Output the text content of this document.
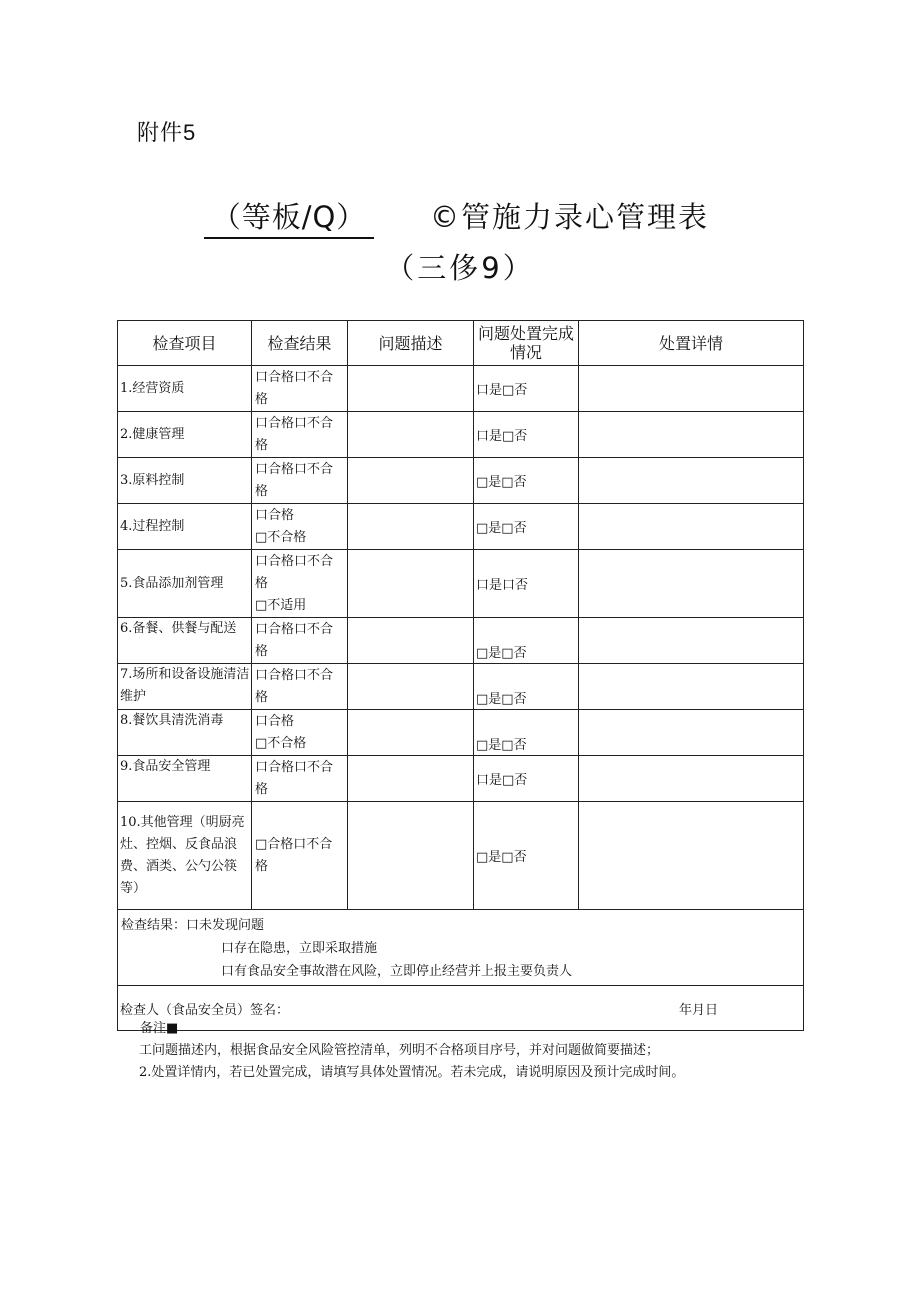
附件5
（等板/Q） ©管施力录心管理表
（三侈9）
检查项目	检查结果	问题描述	问题处置完成情况	处置详情
1.经营资质	口合格口不合
格		口是□否	
2.健康管理	口合格口不合
格		口是□否	
3.原料控制	口合格口不合
格		□是□否	
4.过程控制	口合格
□不合格		□是□否	
5.食品添加剂管理	口合格口不合
格
□不适用		口是口否	
6.备餐、供餐与配送	口合格口不合
格		□是□否	
7.场所和设备设施清洁维护	口合格口不合
格		□是□否	
8.餐饮具清洗消毒	口合格
□不合格		□是□否	
9.食品安全管理	口合格口不合
格		口是□否	
10.其他管理（明厨亮灶、控烟、反食品浪费、酒类、公勺公筷等）	□合格口不合
格		□是□否	
检查结果：口未发现问题

口存在隐患，立即采取措施
口有食品安全事故潜在风险，立即停止经营并上报主要负责人				

检查人（食品安全员）签名： 年月日				
备注■
工问题描述内，根据食品安全风险管控清单，列明不合格项目序号，并对问题做简要描述；
2.处置详情内，若已处置完成，请填写具体处置情况。若未完成，请说明原因及预计完成时间。
